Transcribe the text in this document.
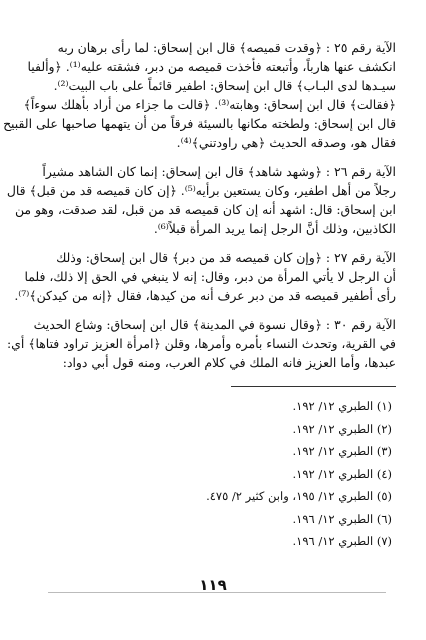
الآية رقم ٢٥ : ﴿وقدت قميصه﴾ قال ابن إسحاق: لما رأى برهان ربه
انكشف عنها هارباً، وأتبعته فأخذت قميصه من دبر، فشقته عليه⁽¹⁾. ﴿وألفيا
سيـدها لدى البـاب﴾ قال ابن إسحاق: اطفير قائماً على باب البيت⁽²⁾.
﴿فقالت﴾ قال ابن إسحاق: وهابته⁽³⁾. ﴿قالت ما جزاء من أراد بأهلك سوءاً﴾
قال ابن إسحاق: ولطخته مكانها بالسيئة فرقاً من أن يتهمها صاحبها على القبيح
فقال هو، وصدقه الحديث ﴿هي راودتني﴾⁽⁴⁾.
الآية رقم ٢٦ : ﴿وشهد شاهد﴾ قال ابن إسحاق: إنما كان الشاهد مشيراً
رجلاً من أهل اطفير، وكان يستعين برأيه⁽⁵⁾. ﴿إن كان قميصه قد من قبل﴾ قال
ابن إسحاق: قال: اشهد أنه إن كان قميصه قد من قبل، لقد صدقت، وهو من
الكاذبين، وذلك أنَّ الرجل إنما يريد المرأة قبلاً⁽⁶⁾.
الآية رقم ٢٧ : ﴿وإن كان قميصه قد من دبر﴾ قال ابن إسحاق: وذلك
أن الرجل لا يأتي المرأة من دبر، وقال: إنه لا ينبغي في الحق إلا ذلك، فلما
رأى أطفير قميصه قد من دبر عرف أنه من كيدها، فقال ﴿إنه من كيدكن﴾⁽⁷⁾.
الآية رقم ٣٠ : ﴿وقال نسوة في المدينة﴾ قال ابن إسحاق: وشاع الحديث
في القرية، وتحدث النساء بأمره وأمرها، وقلن ﴿امرأة العزيز تراود فتاها﴾ أي:
عبدها، وأما العزيز فانه الملك في كلام العرب، ومنه قول أبي دواد:
(١) الطبري ١٢/ ١٩٢.
(٢) الطبري ١٢/ ١٩٢.
(٣) الطبري ١٢/ ١٩٢.
(٤) الطبري ١٢/ ١٩٢.
(٥) الطبري ١٢/ ١٩٥، وابن كثير ٢/ ٤٧٥.
(٦) الطبري ١٢/ ١٩٦.
(٧) الطبري ١٢/ ١٩٦.
١١٩
